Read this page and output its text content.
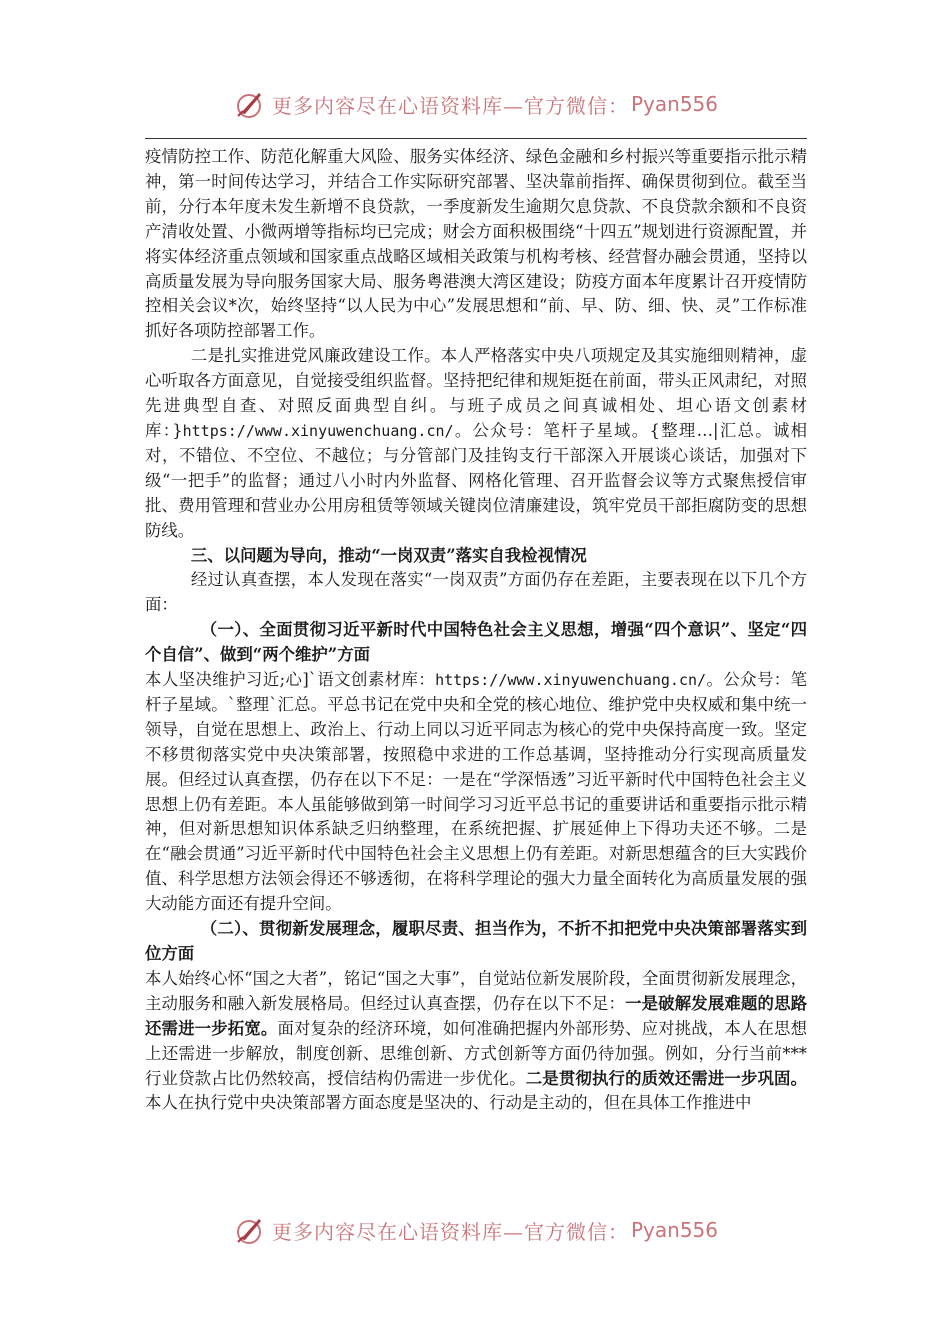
更多内容尽在心语资料库—官方微信： Pyan556

疫情防控工作、防范化解重大风险、服务实体经济、绿色金融和乡村振兴等重要指示批示精神，第一时间传达学习，并结合工作实际研究部署、坚决靠前指挥、确保贯彻到位。截至当前，分行本年度未发生新增不良贷款，一季度新发生逾期欠息贷款、不良贷款余额和不良资产清收处置、小微两增等指标均已完成；财会方面积极围绕“十四五”规划进行资源配置，并将实体经济重点领域和国家重点战略区域相关政策与机构考核、经营督办融会贯通，坚持以高质量发展为导向服务国家大局、服务粤港澳大湾区建设；防疫方面本年度累计召开疫情防控相关会议*次，始终坚持“以人民为中心”发展思想和“前、早、防、细、快、灵”工作标准抓好各项防控部署工作。

二是扎实推进党风廉政建设工作。本人严格落实中央八项规定及其实施细则精神，虚心听取各方面意见，自觉接受组织监督。坚持把纪律和规矩挺在前面，带头正风肃纪，对照先进典型自查、对照反面典型自纠。与班子成员之间真诚相处、坦心语文创素材库：}https://www.xinyuwenchuang.cn/。公众号：笔杆子星域。{整理…|汇总。诚相对，不错位、不空位、不越位；与分管部门及挂钩支行干部深入开展谈心谈话，加强对下级“一把手”的监督；通过八小时内外监督、网格化管理、召开监督会议等方式聚焦授信审批、费用管理和营业办公用房租赁等领域关键岗位清廉建设，筑牢党员干部拒腐防变的思想防线。

三、以问题为导向，推动“一岗双责”落实自我检视情况

经过认真查摆，本人发现在落实“一岗双责”方面仍存在差距，主要表现在以下几个方面：

（一）、全面贯彻习近平新时代中国特色社会主义思想，增强“四个意识”、坚定“四个自信”、做到“两个维护”方面

本人坚决维护习近;心]`语文创素材库：https://www.xinyuwenchuang.cn/。公众号：笔杆子星域。`整理`汇总。平总书记在党中央和全党的核心地位、维护党中央权威和集中统一领导，自觉在思想上、政治上、行动上同以习近平同志为核心的党中央保持高度一致。坚定不移贯彻落实党中央决策部署，按照稳中求进的工作总基调，坚持推动分行实现高质量发展。但经过认真查摆，仍存在以下不足：一是在“学深悟透”习近平新时代中国特色社会主义思想上仍有差距。本人虽能够做到第一时间学习习近平总书记的重要讲话和重要指示批示精神，但对新思想知识体系缺乏归纳整理，在系统把握、扩展延伸上下得功夫还不够。二是在“融会贯通”习近平新时代中国特色社会主义思想上仍有差距。对新思想蕴含的巨大实践价值、科学思想方法领会得还不够透彻，在将科学理论的强大力量全面转化为高质量发展的强大动能方面还有提升空间。

（二）、贯彻新发展理念，履职尽责、担当作为，不折不扣把党中央决策部署落实到位方面

本人始终心怀“国之大者”，铭记“国之大事”，自觉站位新发展阶段，全面贯彻新发展理念，主动服务和融入新发展格局。但经过认真查摆，仍存在以下不足：一是破解发展难题的思路还需进一步拓宽。面对复杂的经济环境，如何准确把握内外部形势、应对挑战，本人在思想上还需进一步解放，制度创新、思维创新、方式创新等方面仍待加强。例如，分行当前***行业贷款占比仍然较高，授信结构仍需进一步优化。二是贯彻执行的质效还需进一步巩固。本人在执行党中央决策部署方面态度是坚决的、行动是主动的，但在具体工作推进中

更多内容尽在心语资料库—官方微信： Pyan556
